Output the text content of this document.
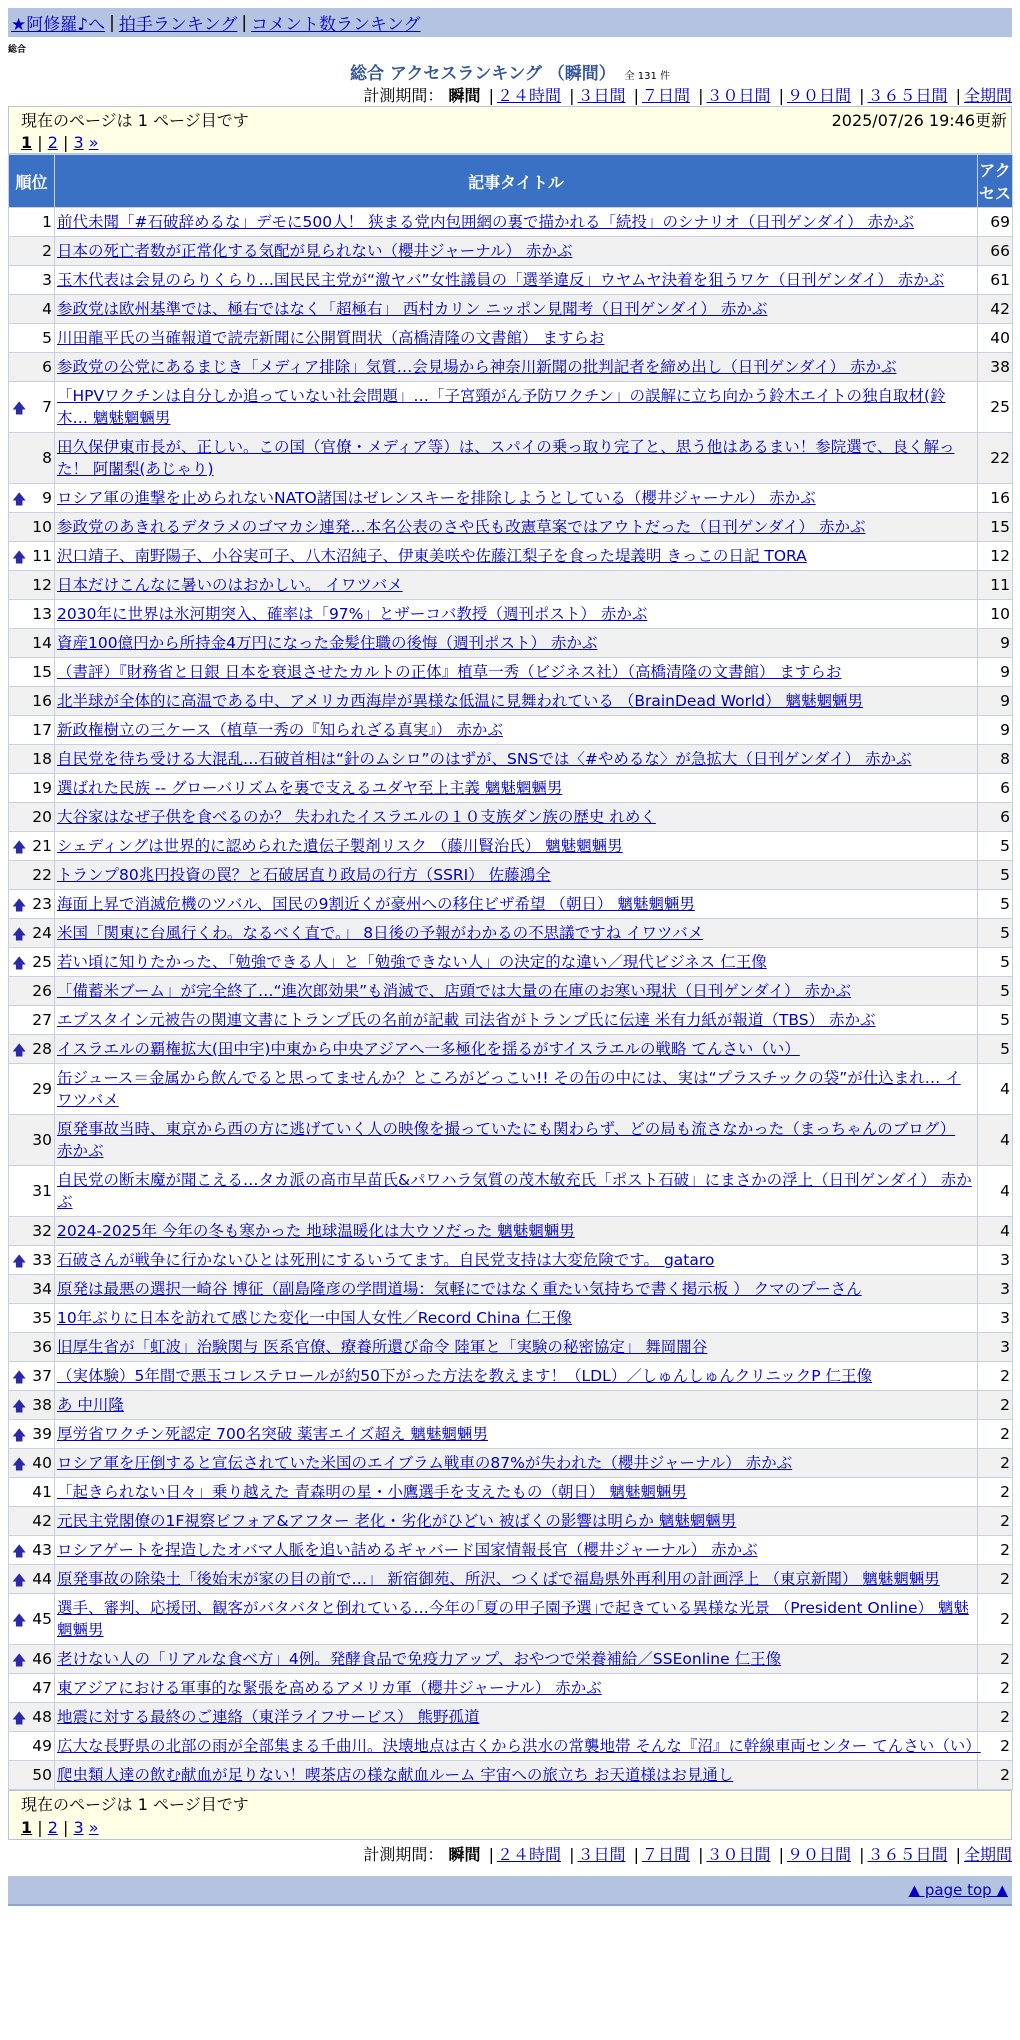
★阿修羅♪へ | 拍手ランキング | コメント数ランキング
総合
総合 アクセスランキング （瞬間） 全 131 件
計測期間： 瞬間 | ２４時間 | ３日間 | ７日間 | ３０日間 | ９０日間 | ３６５日間 | 全期間
現在のページは 1 ページ目です	2025/07/26 19:46更新
1 | 2 | 3 »
順位	記事タイトル	アクセス
1	前代未聞「#石破辞めるな」デモに500人！ 狭まる党内包囲網の裏で描かれる「続投」のシナリオ（日刊ゲンダイ） 赤かぶ	69
2	日本の死亡者数が正常化する気配が見られない（櫻井ジャーナル） 赤かぶ	66
3	玉木代表は会見のらりくらり…国民民主党が“激ヤバ”女性議員の「選挙違反」ウヤムヤ決着を狙うワケ（日刊ゲンダイ） 赤かぶ	61
4	参政党は欧州基準では、極右ではなく「超極右」 西村カリン ニッポン見聞考（日刊ゲンダイ） 赤かぶ	42
5	川田龍平氏の当確報道で読売新聞に公開質問状（高橋清隆の文書館） ますらお	40
6	参政党の公党にあるまじき「メディア排除」気質…会見場から神奈川新聞の批判記者を締め出し（日刊ゲンダイ） 赤かぶ	38

🡅 7	「HPVワクチンは自分しか追っていない社会問題」…「子宮頸がん予防ワクチン」の誤解に立ち向かう鈴木エイトの独自取材(鈴木… 魑魅魍魎男	25
8	田久保伊東市長が、正しい。この国（官僚・メディア等）は、スパイの乗っ取り完了と、思う他はあるまい！参院選で、良く解った！ 阿闍梨(あじゃり)	22

🡅 9	ロシア軍の進撃を止められないNATO諸国はゼレンスキーを排除しようとしている（櫻井ジャーナル） 赤かぶ	16
10	参政党のあきれるデタラメのゴマカシ連発…本名公表のさや氏も改憲草案ではアウトだった（日刊ゲンダイ） 赤かぶ	15

🡅 11	沢口靖子、南野陽子、小谷実可子、八木沼純子、伊東美咲や佐藤江梨子を食った堤義明 きっこの日記 TORA	12
12	日本だけこんなに暑いのはおかしい。 イワツバメ	11
13	2030年に世界は氷河期突入、確率は「97%」とザーコバ教授（週刊ポスト） 赤かぶ	10
14	資産100億円から所持金4万円になった金髪住職の後悔（週刊ポスト） 赤かぶ	9
15	（書評）『財務省と日銀 日本を衰退させたカルトの正体』植草一秀（ビジネス社）（高橋清隆の文書館） ますらお	9
16	北半球が全体的に高温である中、アメリカ西海岸が異様な低温に見舞われている （BrainDead World） 魑魅魍魎男	9
17	新政権樹立の三ケース（植草一秀の『知られざる真実』） 赤かぶ	9
18	自民党を待ち受ける大混乱…石破首相は“針のムシロ”のはずが、SNSでは〈#やめるな〉が急拡大（日刊ゲンダイ） 赤かぶ	8
19	選ばれた民族 -- グローバリズムを裏で支えるユダヤ至上主義 魑魅魍魎男	6
20	大谷家はなぜ子供を食べるのか？ 失われたイスラエルの１０支族ダン族の歴史 れめく	6

🡅 21	シェディングは世界的に認められた遺伝子製剤リスク （藤川賢治氏） 魑魅魍魎男	5
22	トランプ80兆円投資の罠？と石破居直り政局の行方（SSRI） 佐藤鴻全	5

🡅 23	海面上昇で消滅危機のツバル、国民の9割近くが豪州への移住ビザ希望 （朝日） 魑魅魍魎男	5

🡅 24	米国「関東に台風行くわ。なるべく直で。」 8日後の予報がわかるの不思議ですね イワツバメ	5

🡅 25	若い頃に知りたかった、「勉強できる人」と「勉強できない人」の決定的な違い／現代ビジネス 仁王像	5
26	「備蓄米ブーム」が完全終了…“進次郎効果”も消滅で、店頭では大量の在庫のお寒い現状（日刊ゲンダイ） 赤かぶ	5
27	エプスタイン元被告の関連文書にトランプ氏の名前が記載 司法省がトランプ氏に伝達 米有力紙が報道（TBS） 赤かぶ	5

🡅 28	イスラエルの覇権拡大(田中宇)中東から中央アジアへ一多極化を揺るがすイスラエルの戦略 てんさい（い）	5
29	缶ジュース＝金属から飲んでると思ってませんか？ところがどっこい!! その缶の中には、実は“プラスチックの袋”が仕込まれ… イワツバメ	4
30	原発事故当時、東京から西の方に逃げていく人の映像を撮っていたにも関わらず、どの局も流さなかった（まっちゃんのブログ） 赤かぶ	4
31	自民党の断末魔が聞こえる…タカ派の高市早苗氏&パワハラ気質の茂木敏充氏「ポスト石破」にまさかの浮上（日刊ゲンダイ） 赤かぶ	4
32	2024-2025年 今年の冬も寒かった 地球温暖化は大ウソだった 魑魅魍魎男	4

🡅 33	石破さんが戦争に行かないひとは死刑にするいうてます。自民党支持は大変危険です。 gataro	3
34	原発は最悪の選択一崎谷 博征（副島隆彦の学問道場：気軽にではなく重たい気持ちで書く掲示板 ） クマのプーさん	3
35	10年ぶりに日本を訪れて感じた変化一中国人女性／Record China 仁王像	3
36	旧厚生省が「虹波」治験関与 医系官僚、療養所還び命令 陸軍と「実験の秘密協定」 舞岡闇谷	3

🡅 37	（実体験）5年間で悪玉コレステロールが約50下がった方法を教えます！（LDL）／しゅんしゅんクリニックP 仁王像	2

🡅 38	あ 中川隆	2

🡅 39	厚労省ワクチン死認定 700名突破 薬害エイズ超え 魑魅魍魎男	2

🡅 40	ロシア軍を圧倒すると宣伝されていた米国のエイブラム戦車の87%が失われた（櫻井ジャーナル） 赤かぶ	2
41	「起きられない日々」乗り越えた 青森明の星・小鷹選手を支えたもの（朝日） 魑魅魍魎男	2
42	元民主党閣僚の1F視察ビフォア&アフター 老化・劣化がひどい 被ばくの影響は明らか 魑魅魍魎男	2

🡅 43	ロシアゲートを捏造したオバマ人脈を追い詰めるギャバード国家情報長官（櫻井ジャーナル） 赤かぶ	2

🡅 44	原発事故の除染土「後始末が家の目の前で…」 新宿御苑、所沢、つくばで福島県外再利用の計画浮上 （東京新聞） 魑魅魍魎男	2

🡅 45	選手、審判、応援団、観客がバタバタと倒れている…今年の｢夏の甲子園予選｣で起きている異様な光景 （President Online） 魑魅魍魎男	2

🡅 46	老けない人の「リアルな食べ方」4例。発酵食品で免疫力アップ、おやつで栄養補給／SSEonline 仁王像	2
47	東アジアにおける軍事的な緊張を高めるアメリカ軍（櫻井ジャーナル） 赤かぶ	2

🡅 48	地震に対する最終のご連絡（東洋ライフサービス） 熊野孤道	2
49	広大な長野県の北部の雨が全部集まる千曲川。決壊地点は古くから洪水の常襲地帯 そんな『沼』に幹線車両センター てんさい（い）	2
50	爬虫類人達の飲む献血が足りない！喫茶店の様な献血ルーム 宇宙への旅立ち お天道様はお見通し	2
現在のページは 1 ページ目です
1 | 2 | 3 »
計測期間： 瞬間 | ２４時間 | ３日間 | ７日間 | ３０日間 | ９０日間 | ３６５日間 | 全期間
▲ page top ▲
